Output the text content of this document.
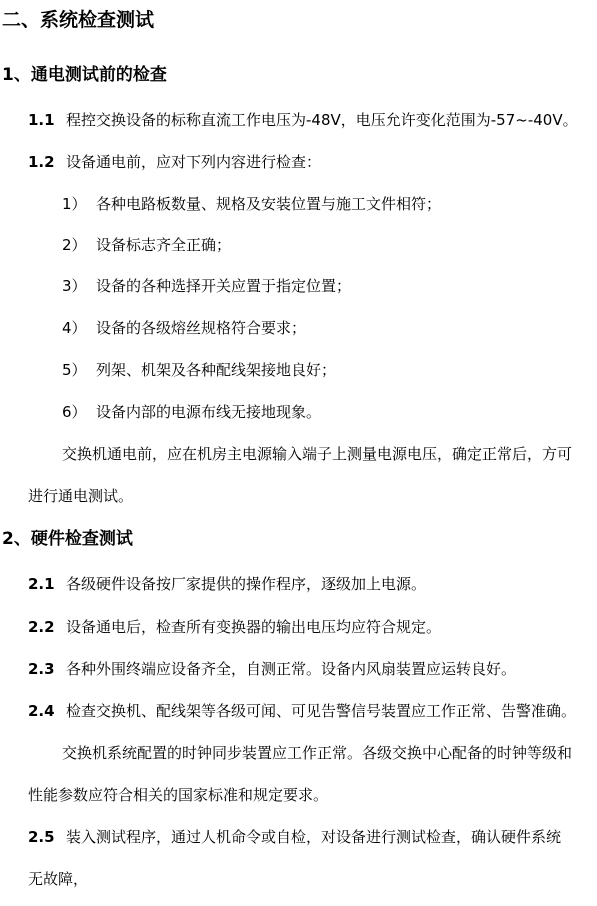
二、系统检查测试
1、通电测试前的检查
1.1 程控交换设备的标称直流工作电压为-48V，电压允许变化范围为-57~-40V。
1.2 设备通电前，应对下列内容进行检查：
1） 各种电路板数量、规格及安装位置与施工文件相符；
2） 设备标志齐全正确；
3） 设备的各种选择开关应置于指定位置；
4） 设备的各级熔丝规格符合要求；
5） 列架、机架及各种配线架接地良好；
6） 设备内部的电源布线无接地现象。
交换机通电前，应在机房主电源输入端子上测量电源电压，确定正常后，方可
进行通电测试。
2、硬件检查测试
2.1 各级硬件设备按厂家提供的操作程序，逐级加上电源。
2.2 设备通电后，检查所有变换器的输出电压均应符合规定。
2.3 各种外围终端应设备齐全，自测正常。设备内风扇装置应运转良好。
2.4 检查交换机、配线架等各级可闻、可见告警信号装置应工作正常、告警准确。
交换机系统配置的时钟同步装置应工作正常。各级交换中心配备的时钟等级和
性能参数应符合相关的国家标准和规定要求。
2.5 装入测试程序，通过人机命令或自检，对设备进行测试检查，确认硬件系统
无故障，
